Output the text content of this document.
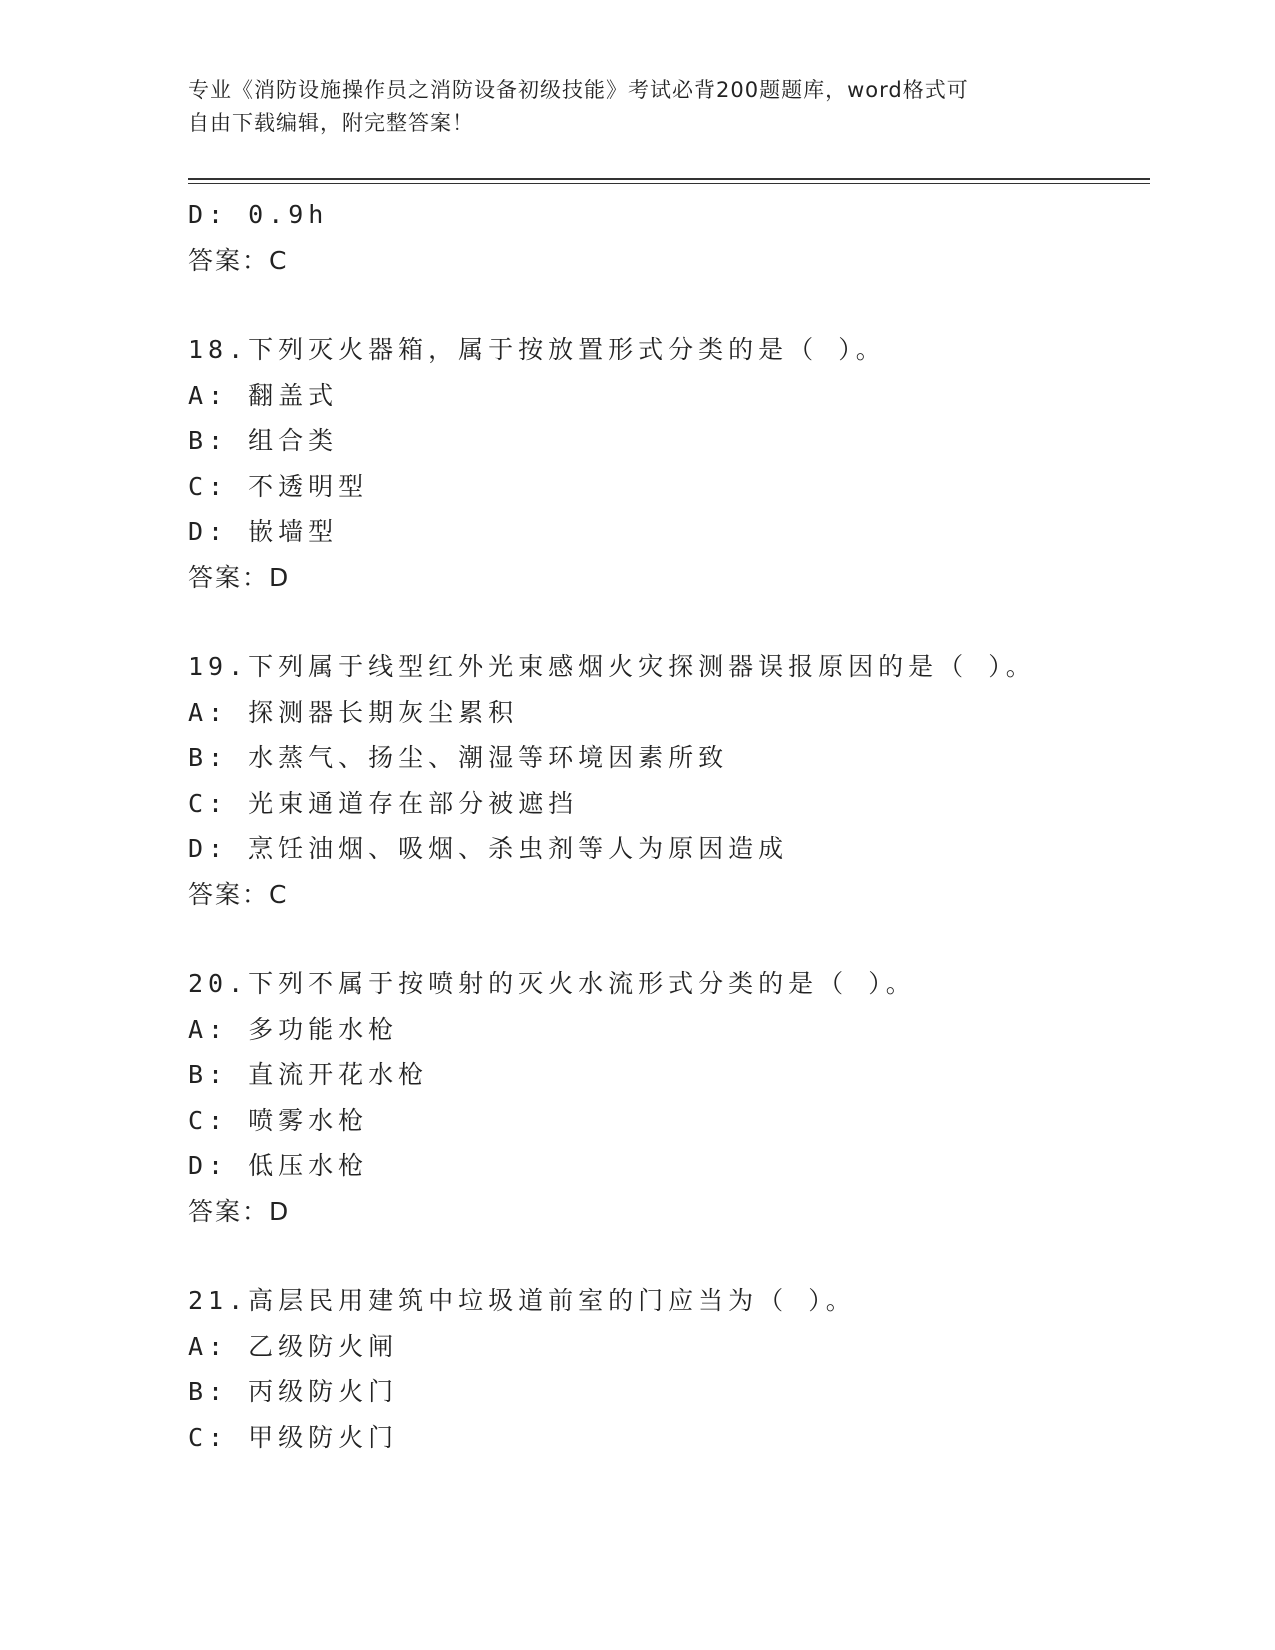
专业《消防设施操作员之消防设备初级技能》考试必背200题题库，word格式可
自由下载编辑，附完整答案！
D: 0.9h
答案：C
18.下列灭火器箱，属于按放置形式分类的是（ ）。
A: 翻盖式
B: 组合类
C: 不透明型
D: 嵌墙型
答案：D
19.下列属于线型红外光束感烟火灾探测器误报原因的是（ ）。
A: 探测器长期灰尘累积
B: 水蒸气、扬尘、潮湿等环境因素所致
C: 光束通道存在部分被遮挡
D: 烹饪油烟、吸烟、杀虫剂等人为原因造成
答案：C
20.下列不属于按喷射的灭火水流形式分类的是（ ）。
A: 多功能水枪
B: 直流开花水枪
C: 喷雾水枪
D: 低压水枪
答案：D
21.高层民用建筑中垃圾道前室的门应当为（ ）。
A: 乙级防火闸
B: 丙级防火门
C: 甲级防火门
